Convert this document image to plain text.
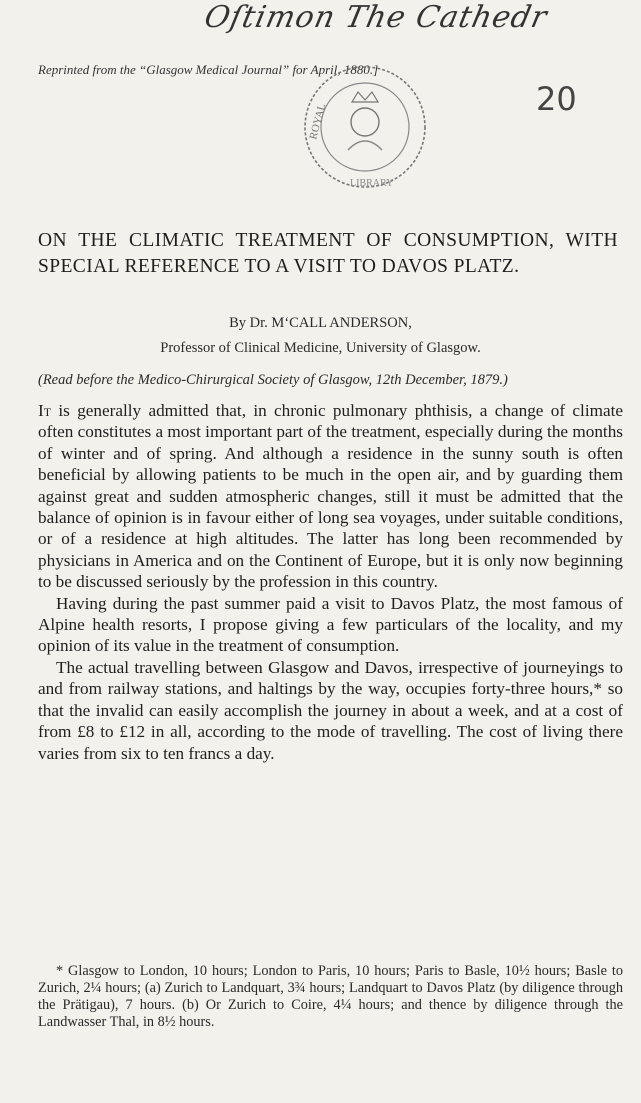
Oſtimon The Cathedr
Reprinted from the “Glasgow Medical Journal” for April, 1880.]
ROYAL
LIBRARY
20
ON THE CLIMATIC TREATMENT OF CONSUMPTION, WITH SPECIAL REFERENCE TO A VISIT TO DAVOS PLATZ.
By Dr. M‘CALL ANDERSON,
Professor of Clinical Medicine, University of Glasgow.
(Read before the Medico-Chirurgical Society of Glasgow, 12th December, 1879.)

It is generally admitted that, in chronic pulmonary phthisis, a change of climate often constitutes a most important part of the treatment, especially during the months of winter and of spring. And although a residence in the sunny south is often beneficial by allowing patients to be much in the open air, and by guarding them against great and sudden atmospheric changes, still it must be admitted that the balance of opinion is in favour either of long sea voyages, under suitable conditions, or of a residence at high altitudes. The latter has long been recommended by physicians in America and on the Continent of Europe, but it is only now beginning to be discussed seriously by the profession in this country.

Having during the past summer paid a visit to Davos Platz, the most famous of Alpine health resorts, I propose giving a few particulars of the locality, and my opinion of its value in the treatment of consumption.

The actual travelling between Glasgow and Davos, irrespective of journeyings to and from railway stations, and haltings by the way, occupies forty-three hours,* so that the invalid can easily accomplish the journey in about a week, and at a cost of from £8 to £12 in all, according to the mode of travelling. The cost of living there varies from six to ten francs a day.

* Glasgow to London, 10 hours; London to Paris, 10 hours; Paris to Basle, 10½ hours; Basle to Zurich, 2¼ hours; (a) Zurich to Landquart, 3¾ hours; Landquart to Davos Platz (by diligence through the Prätigau), 7 hours. (b) Or Zurich to Coire, 4¼ hours; and thence by diligence through the Landwasser Thal, in 8½ hours.
